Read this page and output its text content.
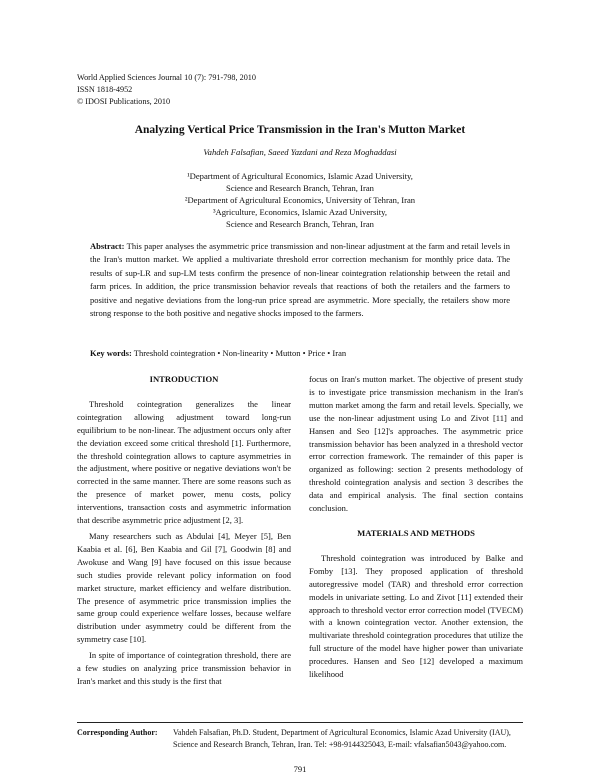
World Applied Sciences Journal 10 (7): 791-798, 2010
ISSN 1818-4952
© IDOSI Publications, 2010
Analyzing Vertical Price Transmission in the Iran's Mutton Market
Vahdeh Falsafian, Saeed Yazdani and Reza Moghaddasi
¹Department of Agricultural Economics, Islamic Azad University,
Science and Research Branch, Tehran, Iran
²Department of Agricultural Economics, University of Tehran, Iran
³Agriculture, Economics, Islamic Azad University,
Science and Research Branch, Tehran, Iran
Abstract: This paper analyses the asymmetric price transmission and non-linear adjustment at the farm and retail levels in the Iran's mutton market. We applied a multivariate threshold error correction mechanism for monthly price data. The results of sup-LR and sup-LM tests confirm the presence of non-linear cointegration relationship between the retail and farm prices. In addition, the price transmission behavior reveals that reactions of both the retailers and the farmers to positive and negative deviations from the long-run price spread are asymmetric. More specially, the retailers show more strong response to the both positive and negative shocks imposed to the farmers.
Key words: Threshold cointegration • Non-linearity • Mutton • Price • Iran
INTRODUCTION

Threshold cointegration generalizes the linear cointegration allowing adjustment toward long-run equilibrium to be non-linear. The adjustment occurs only after the deviation exceed some critical threshold [1]. Furthermore, the threshold cointegration allows to capture asymmetries in the adjustment, where positive or negative deviations won't be corrected in the same manner. There are some reasons such as the presence of market power, menu costs, policy interventions, transaction costs and asymmetric information that describe asymmetric price adjustment [2, 3].

Many researchers such as Abdulai [4], Meyer [5], Ben Kaabia et al. [6], Ben Kaabia and Gil [7], Goodwin [8] and Awokuse and Wang [9] have focused on this issue because such studies provide relevant policy information on food market structure, market efficiency and welfare distribution. The presence of asymmetric price transmission implies the same group could experience welfare losses, because welfare distribution under asymmetry could be different from the symmetry case [10].

In spite of importance of cointegration threshold, there are a few studies on analyzing price transmission behavior in Iran's market and this study is the first that

focus on Iran's mutton market. The objective of present study is to investigate price transmission mechanism in the Iran's mutton market among the farm and retail levels. Specially, we use the non-linear adjustment using Lo and Zivot [11] and Hansen and Seo [12]'s approaches. The asymmetric price transmission behavior has been analyzed in a threshold vector error correction framework. The remainder of this paper is organized as following: section 2 presents methodology of threshold cointegration analysis and section 3 describes the data and empirical analysis. The final section contains conclusion.

MATERIALS AND METHODS

Threshold cointegration was introduced by Balke and Fomby [13]. They proposed application of threshold autoregressive model (TAR) and threshold error correction models in univariate setting. Lo and Zivot [11] extended their approach to threshold vector error correction model (TVECM) with a known cointegration vector. Another extension, the multivariate threshold cointegration procedures that utilize the full structure of the model have higher power than univariate procedures. Hansen and Seo [12] developed a maximum likelihood

Corresponding Author: Vahdeh Falsafian, Ph.D. Student, Department of Agricultural Economics, Islamic Azad University (IAU), Science and Research Branch, Tehran, Iran. Tel: +98-9144325043, E-mail: vfalsafian5043@yahoo.com.
791
